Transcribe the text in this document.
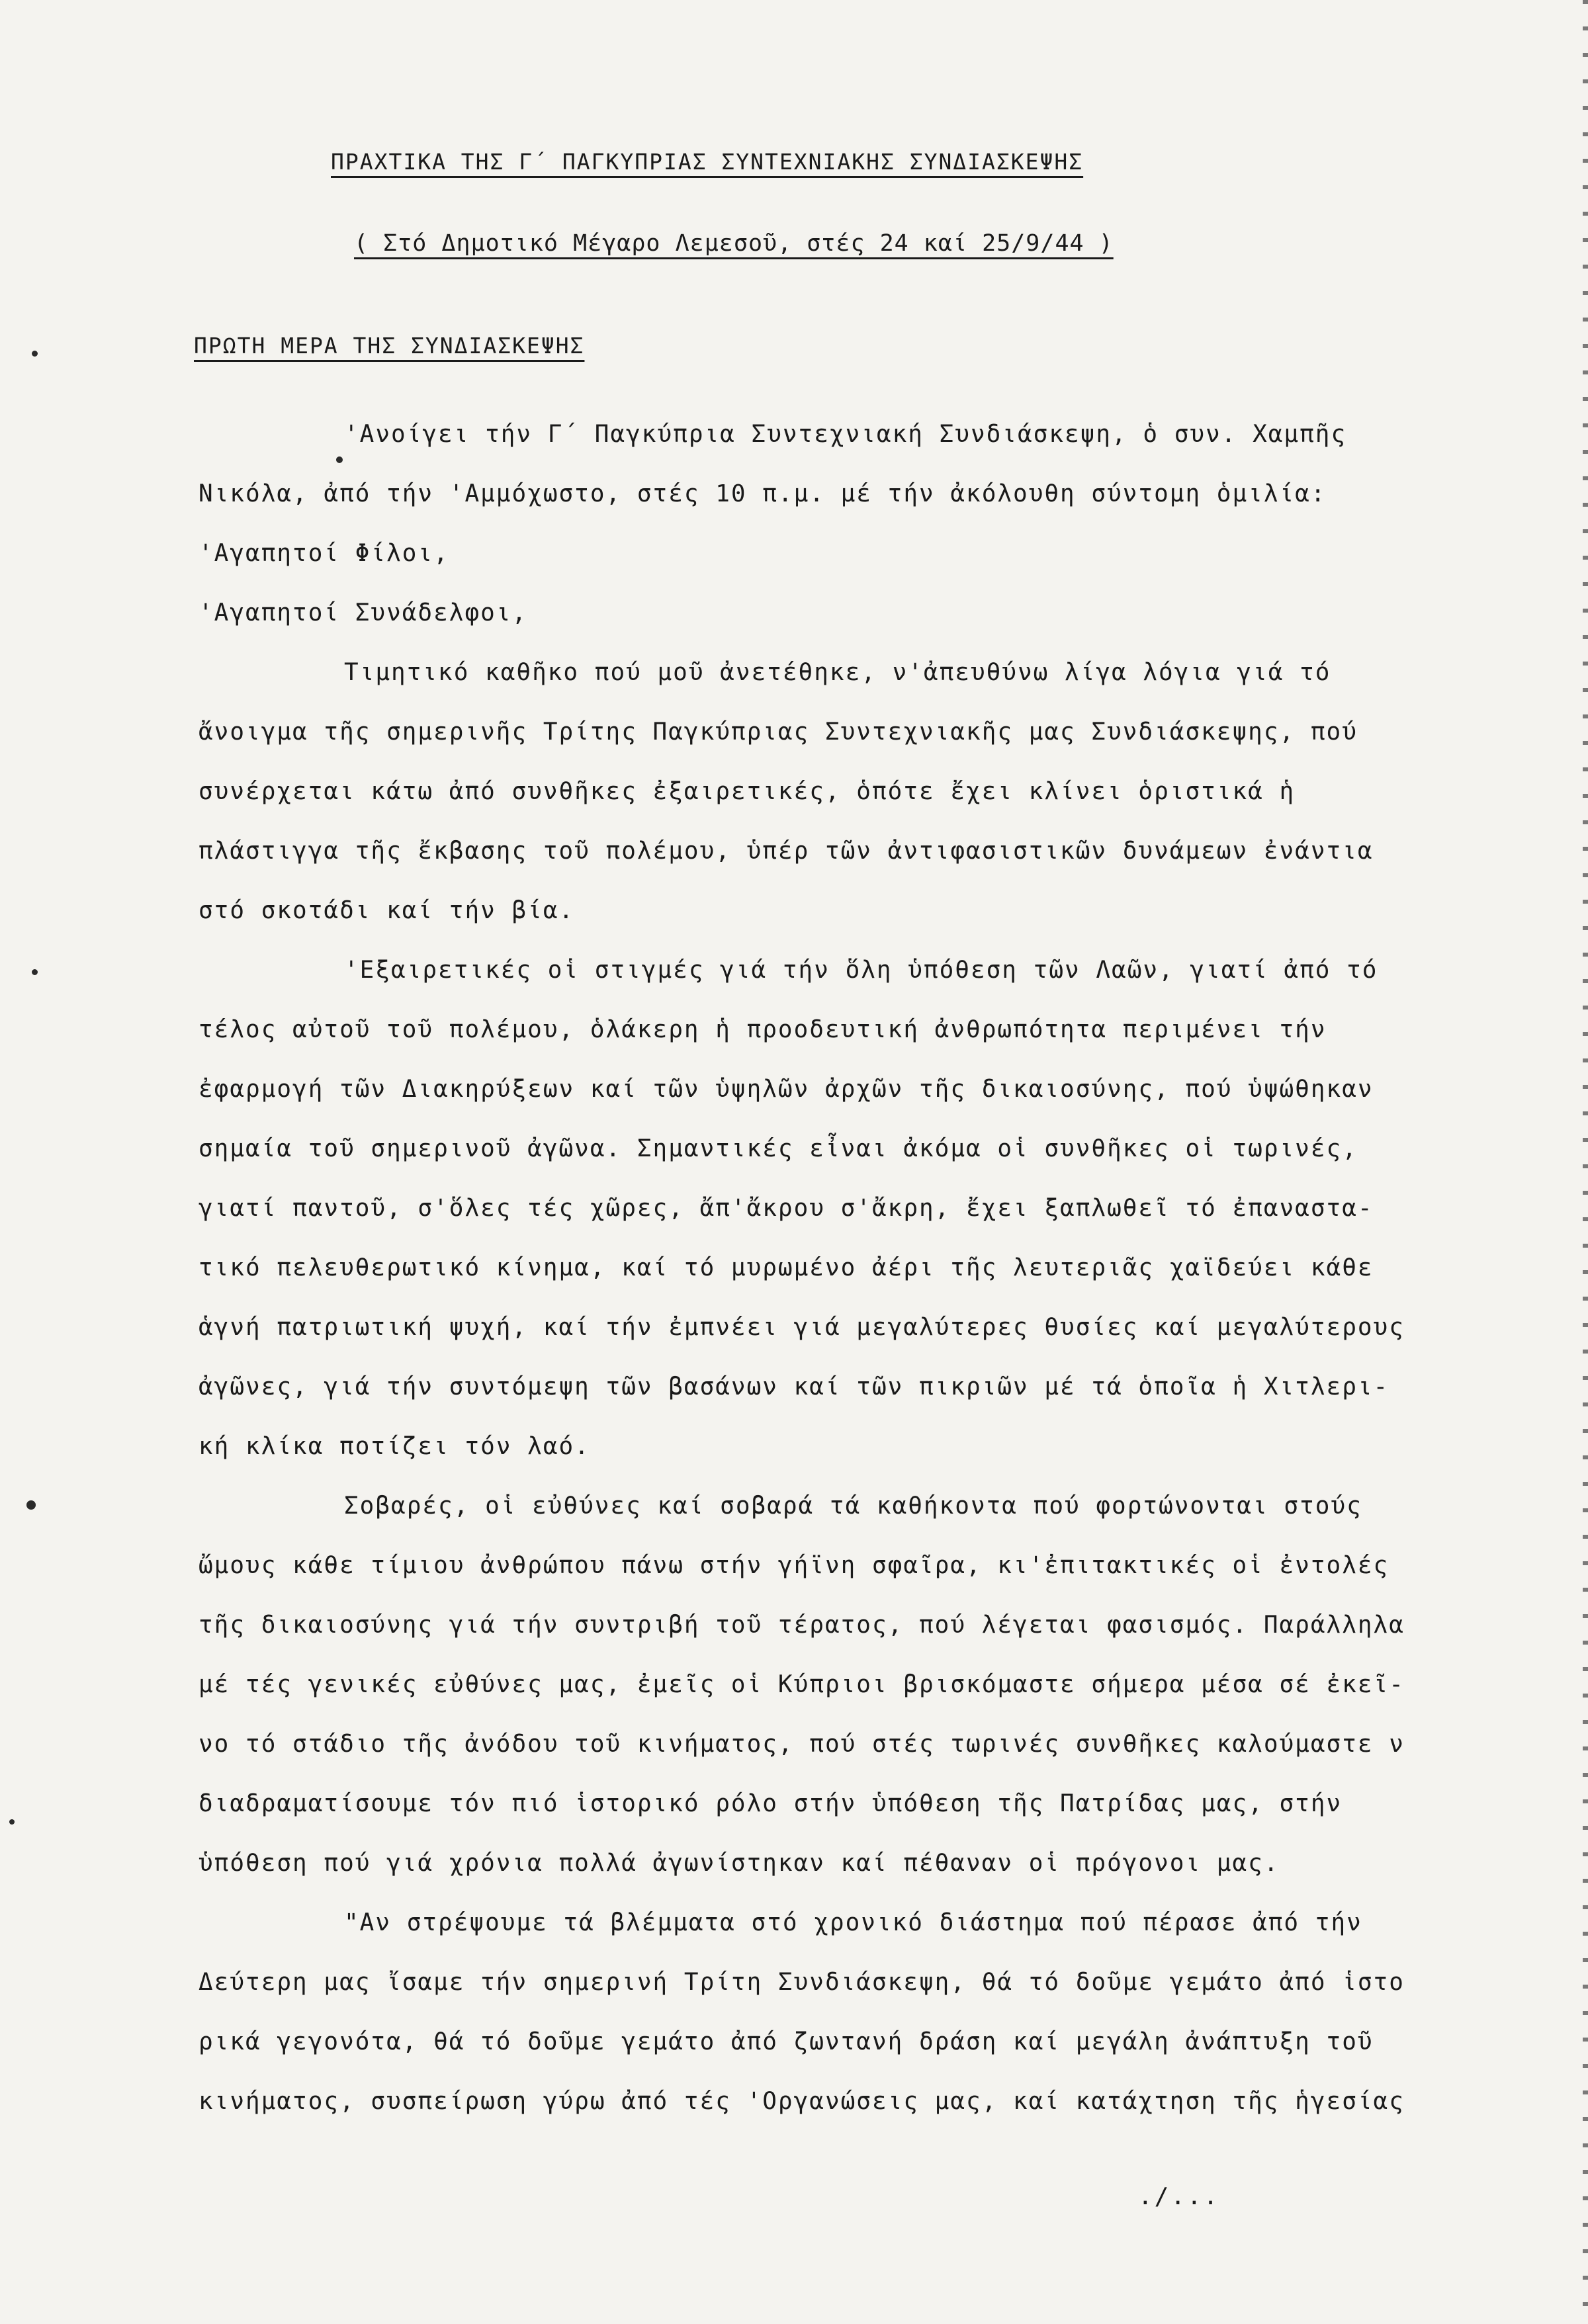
ΠΡΑΧΤΙΚΑ ΤΗΣ Γ΄ ΠΑΓΚΥΠΡΙΑΣ ΣΥΝΤΕΧΝΙΑΚΗΣ ΣΥΝΔΙΑΣΚΕΨΗΣ
( Στό Δημοτικό Μέγαρο Λεμεσοῦ, στές 24 καί 25/9/44 )
ΠΡΩΤΗ ΜΕΡΑ ΤΗΣ ΣΥΝΔΙΑΣΚΕΨΗΣ
'Ανοίγει τήν Γ΄ Παγκύπρια Συντεχνιακή Συνδιάσκεψη, ὁ συν. Χαμπῆς
Νικόλα, ἀπό τήν 'Αμμόχωστο, στές 10 π.μ. μέ τήν ἀκόλουθη σύντομη ὁμιλία:
'Αγαπητοί Φίλοι,
'Αγαπητοί Συνάδελφοι,
Τιμητικό καθῆκο πού μοῦ ἀνετέθηκε, ν'ἀπευθύνω λίγα λόγια γιά τό
ἄνοιγμα τῆς σημερινῆς Τρίτης Παγκύπριας Συντεχνιακῆς μας Συνδιάσκεψης, πού
συνέρχεται κάτω ἀπό συνθῆκες ἐξαιρετικές, ὁπότε ἔχει κλίνει ὁριστικά ἡ
πλάστιγγα τῆς ἔκβασης τοῦ πολέμου, ὑπέρ τῶν ἀντιφασιστικῶν δυνάμεων ἐνάντια
στό σκοτάδι καί τήν βία.
'Εξαιρετικές οἱ στιγμές γιά τήν ὅλη ὑπόθεση τῶν Λαῶν, γιατί ἀπό τό
τέλος αὐτοῦ τοῦ πολέμου, ὁλάκερη ἡ προοδευτική ἀνθρωπότητα περιμένει τήν
ἐφαρμογή τῶν Διακηρύξεων καί τῶν ὑψηλῶν ἀρχῶν τῆς δικαιοσύνης, πού ὑψώθηκαν
σημαία τοῦ σημερινοῦ ἀγῶνα. Σημαντικές εἶναι ἀκόμα οἱ συνθῆκες οἱ τωρινές,
γιατί παντοῦ, σ'ὅλες τές χῶρες, ἄπ'ἄκρου σ'ἄκρη, ἔχει ξαπλωθεῖ τό ἐπαναστα-
τικό πελευθερωτικό κίνημα, καί τό μυρωμένο ἀέρι τῆς λευτεριᾶς χαϊδεύει κάθε
ἁγνή πατριωτική ψυχή, καί τήν ἐμπνέει γιά μεγαλύτερες θυσίες καί μεγαλύτερους
ἀγῶνες, γιά τήν συντόμεψη τῶν βασάνων καί τῶν πικριῶν μέ τά ὁποῖα ἡ Χιτλερι-
κή κλίκα ποτίζει τόν λαό.
Σοβαρές, οἱ εὐθύνες καί σοβαρά τά καθήκοντα πού φορτώνονται στούς
ὤμους κάθε τίμιου ἀνθρώπου πάνω στήν γήϊνη σφαῖρα, κι'ἐπιτακτικές οἱ ἐντολές
τῆς δικαιοσύνης γιά τήν συντριβή τοῦ τέρατος, πού λέγεται φασισμός. Παράλληλα
μέ τές γενικές εὐθύνες μας, ἐμεῖς οἱ Κύπριοι βρισκόμαστε σήμερα μέσα σέ ἐκεῖ-
νο τό στάδιο τῆς ἀνόδου τοῦ κινήματος, πού στές τωρινές συνθῆκες καλούμαστε ν
διαδραματίσουμε τόν πιό ἱστορικό ρόλο στήν ὑπόθεση τῆς Πατρίδας μας, στήν
ὑπόθεση πού γιά χρόνια πολλά ἀγωνίστηκαν καί πέθαναν οἱ πρόγονοι μας.
"Αν στρέψουμε τά βλέμματα στό χρονικό διάστημα πού πέρασε ἀπό τήν
Δεύτερη μας ἴσαμε τήν σημερινή Τρίτη Συνδιάσκεψη, θά τό δοῦμε γεμάτο ἀπό ἱστο
ρικά γεγονότα, θά τό δοῦμε γεμάτο ἀπό ζωντανή δράση καί μεγάλη ἀνάπτυξη τοῦ
κινήματος, συσπείρωση γύρω ἀπό τές 'Οργανώσεις μας, καί κατάχτηση τῆς ἡγεσίας
./...
